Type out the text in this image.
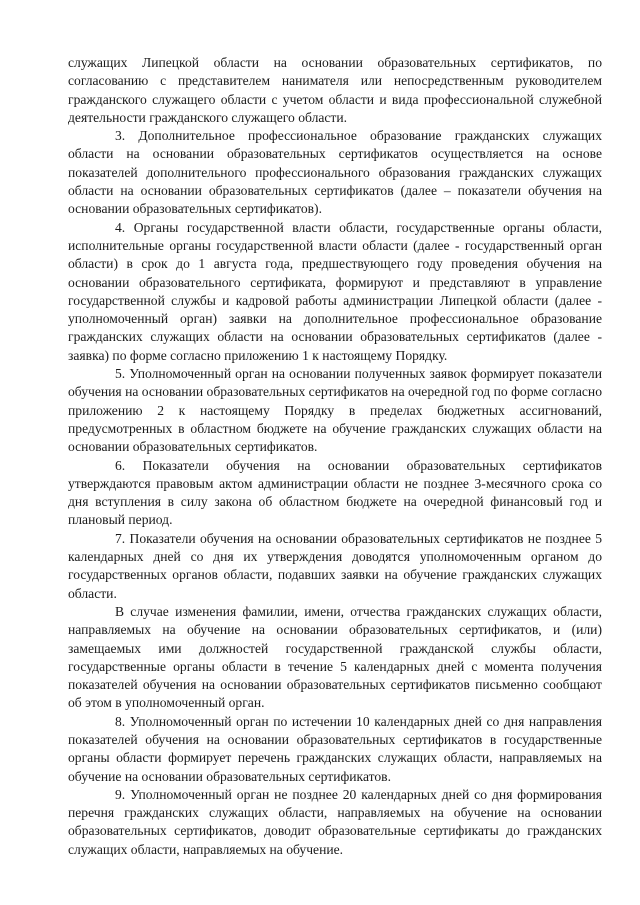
служащих Липецкой области на основании образовательных сертификатов, по согласованию с представителем нанимателя или непосредственным руководителем гражданского служащего области с учетом области и вида профессиональной служебной деятельности гражданского служащего области.

3. Дополнительное профессиональное образование гражданских служащих области на основании образовательных сертификатов осуществляется на основе показателей дополнительного профессионального образования гражданских служащих области на основании образовательных сертификатов (далее – показатели обучения на основании образовательных сертификатов).

4. Органы государственной власти области, государственные органы области, исполнительные органы государственной власти области (далее - государственный орган области) в срок до 1 августа года, предшествующего году проведения обучения на основании образовательного сертификата, формируют и представляют в управление государственной службы и кадровой работы администрации Липецкой области (далее - уполномоченный орган) заявки на дополнительное профессиональное образование гражданских служащих области на основании образовательных сертификатов (далее - заявка) по форме согласно приложению 1 к настоящему Порядку.

5. Уполномоченный орган на основании полученных заявок формирует показатели обучения на основании образовательных сертификатов на очередной год по форме согласно приложению 2 к настоящему Порядку в пределах бюджетных ассигнований, предусмотренных в областном бюджете на обучение гражданских служащих области на основании образовательных сертификатов.

6. Показатели обучения на основании образовательных сертификатов утверждаются правовым актом администрации области не позднее 3-месячного срока со дня вступления в силу закона об областном бюджете на очередной финансовый год и плановый период.

7. Показатели обучения на основании образовательных сертификатов не позднее 5 календарных дней со дня их утверждения доводятся уполномоченным органом до государственных органов области, подавших заявки на обучение гражданских служащих области.

В случае изменения фамилии, имени, отчества гражданских служащих области, направляемых на обучение на основании образовательных сертификатов, и (или) замещаемых ими должностей государственной гражданской службы области, государственные органы области в течение 5 календарных дней с момента получения показателей обучения на основании образовательных сертификатов письменно сообщают об этом в уполномоченный орган.

8. Уполномоченный орган по истечении 10 календарных дней со дня направления показателей обучения на основании образовательных сертификатов в государственные органы области формирует перечень гражданских служащих области, направляемых на обучение на основании образовательных сертификатов.

9. Уполномоченный орган не позднее 20 календарных дней со дня формирования перечня гражданских служащих области, направляемых на обучение на основании образовательных сертификатов, доводит образовательные сертификаты до гражданских служащих области, направляемых на обучение.
